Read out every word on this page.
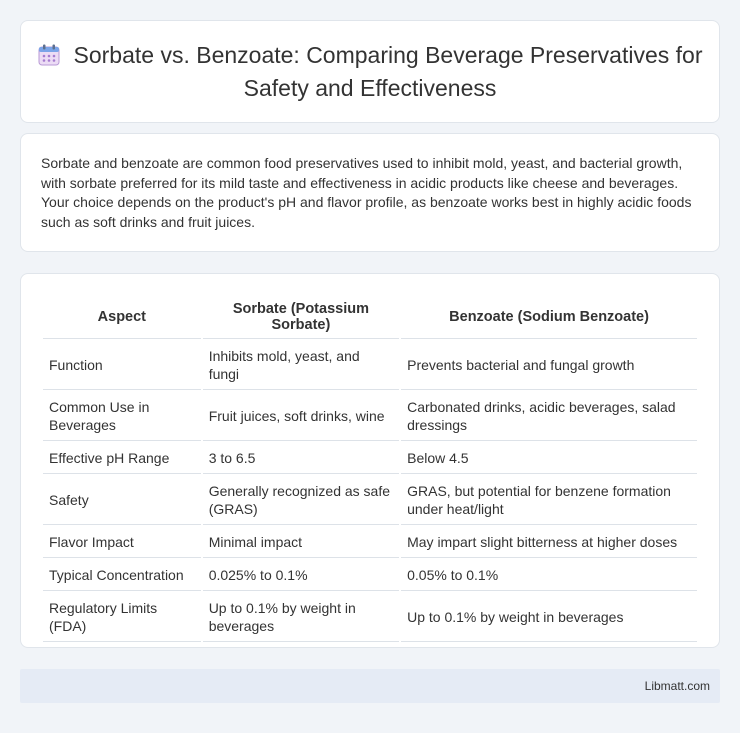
Sorbate vs. Benzoate: Comparing Beverage Preservatives for Safety and Effectiveness

Sorbate and benzoate are common food preservatives used to inhibit mold, yeast, and bacterial growth, with sorbate preferred for its mild taste and effectiveness in acidic products like cheese and beverages. Your choice depends on the product's pH and flavor profile, as benzoate works best in highly acidic foods such as soft drinks and fruit juices.

Aspect	Sorbate (Potassium Sorbate)	Benzoate (Sodium Benzoate)
Function	Inhibits mold, yeast, and fungi	Prevents bacterial and fungal growth
Common Use in Beverages	Fruit juices, soft drinks, wine	Carbonated drinks, acidic beverages, salad dressings
Effective pH Range	3 to 6.5	Below 4.5
Safety	Generally recognized as safe (GRAS)	GRAS, but potential for benzene formation under heat/light
Flavor Impact	Minimal impact	May impart slight bitterness at higher doses
Typical Concentration	0.025% to 0.1%	0.05% to 0.1%
Regulatory Limits (FDA)	Up to 0.1% by weight in beverages	Up to 0.1% by weight in beverages
Libmatt.com
